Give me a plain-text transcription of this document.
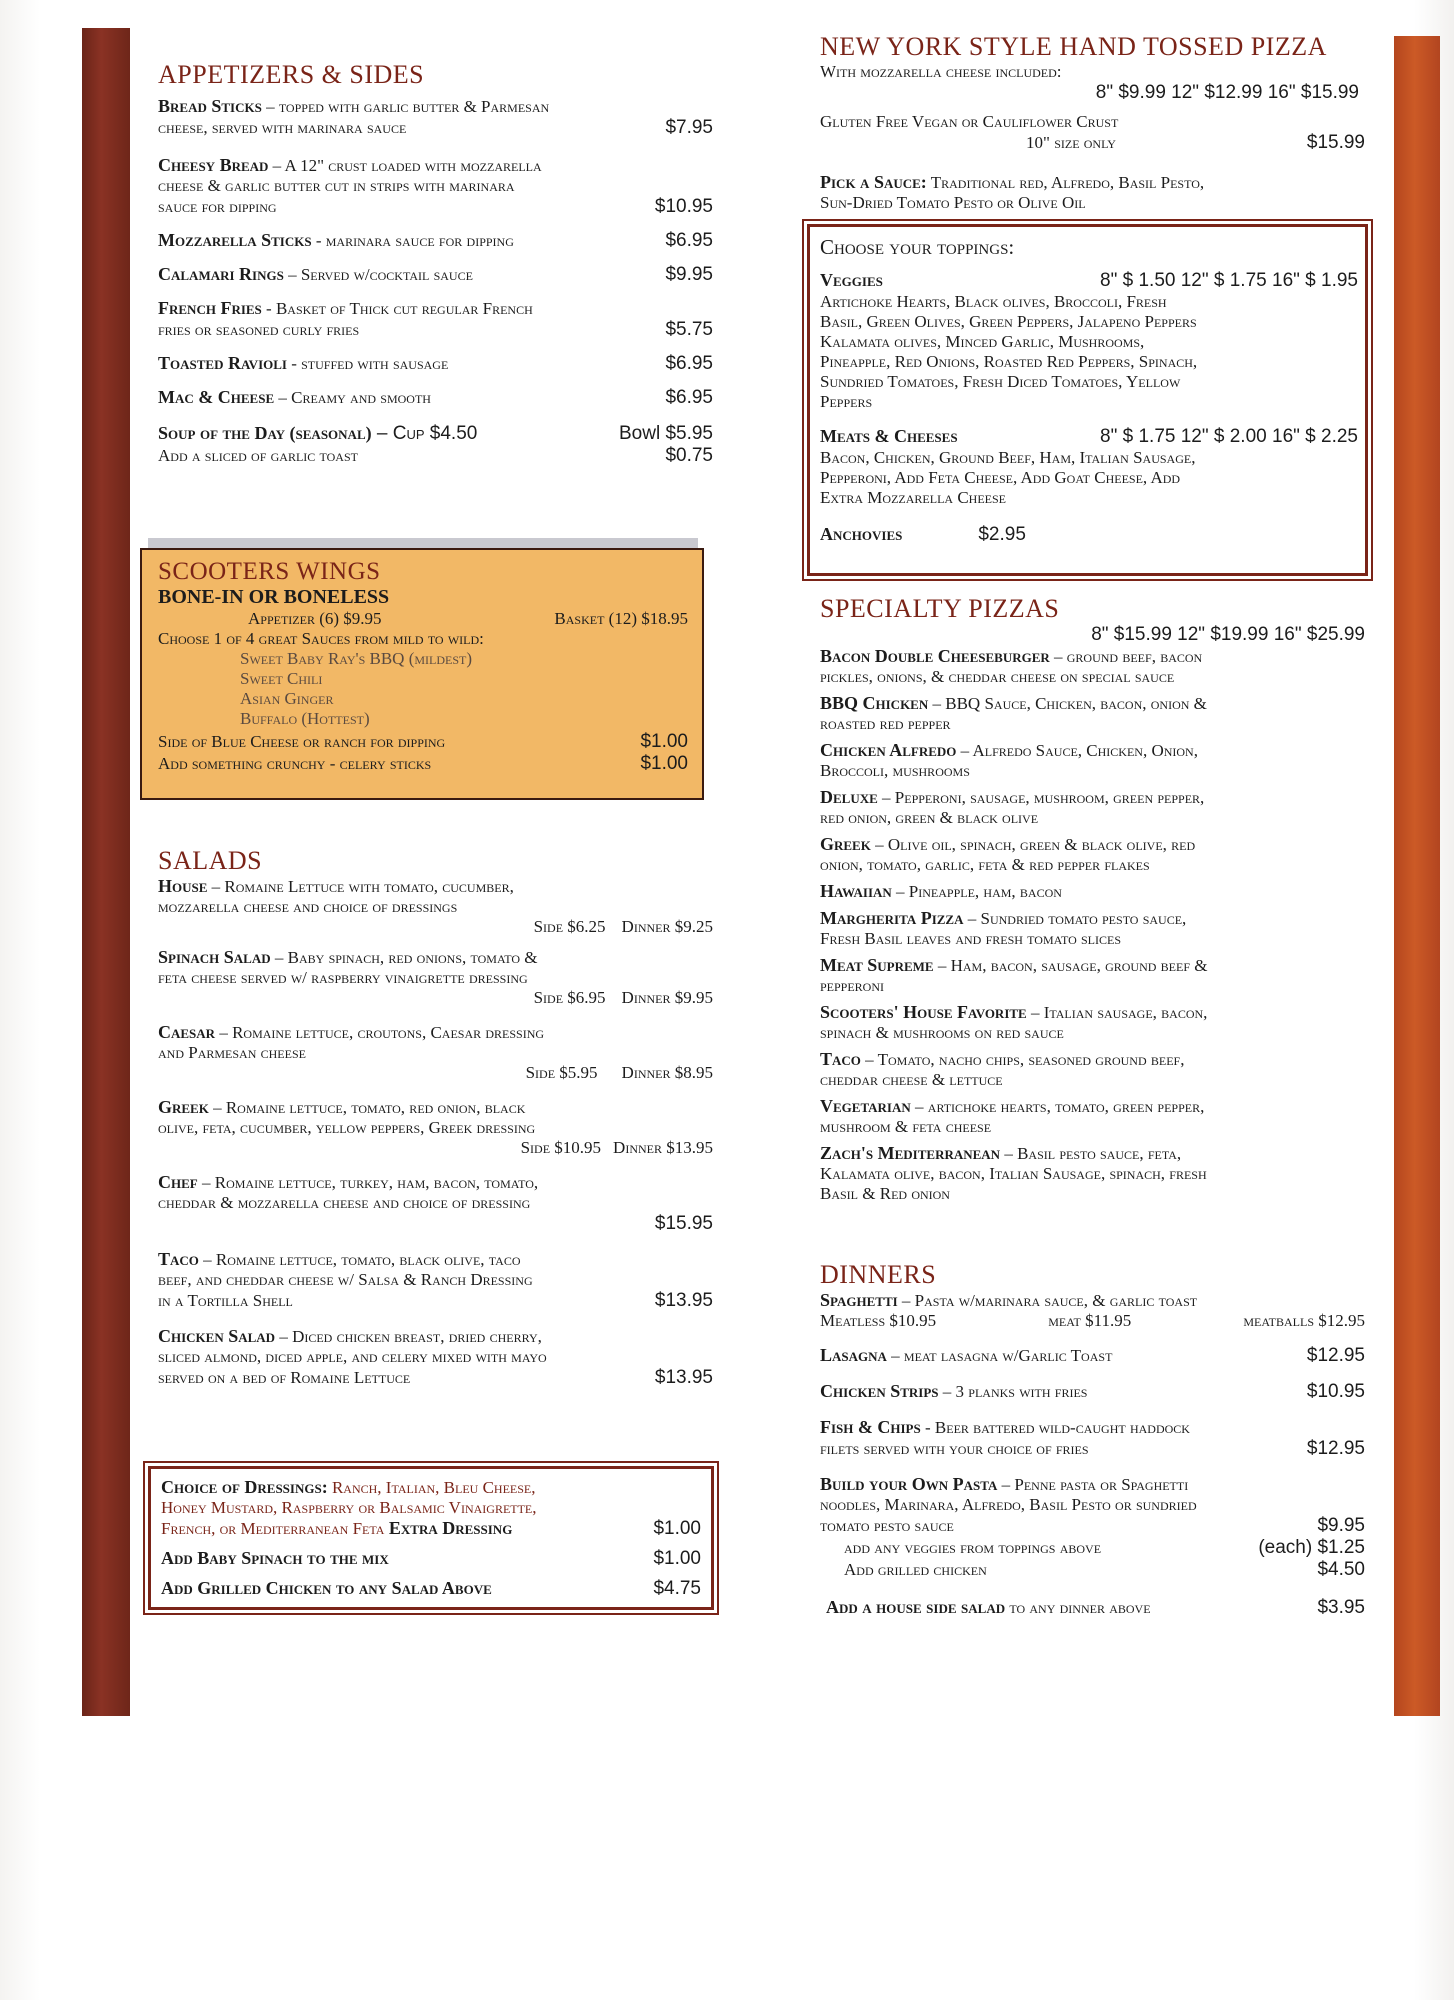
APPETIZERS & SIDES
Bread Sticks – topped with garlic butter & Parmesan
cheese, served with marinara sauce	$7.95
Cheesy Bread – A 12" crust loaded with mozzarella
cheese & garlic butter cut in strips with marinara
sauce for dipping	$10.95
Mozzarella Sticks - marinara sauce for dipping	$6.95
Calamari Rings – Served w/cocktail sauce	$9.95
French Fries - Basket of Thick cut regular French
fries or seasoned curly fries	$5.75
Toasted Ravioli - stuffed with sausage	$6.95
Mac & Cheese – Creamy and smooth	$6.95
Soup of the Day (seasonal) – Cup $4.50	Bowl $5.95
Add a sliced of garlic toast	$0.75
SCOOTERS WINGS
BONE-IN OR BONELESS
Appetizer (6) $9.95	Basket (12) $18.95
Choose 1 of 4 great Sauces from mild to wild:
Sweet Baby Ray's BBQ (mildest)
Sweet Chili
Asian Ginger
Buffalo (Hottest)
Side of Blue Cheese or ranch for dipping	$1.00
Add something crunchy - celery sticks	$1.00
SALADS
House – Romaine Lettuce with tomato, cucumber,
mozzarella cheese and choice of dressings
Side $6.25 Dinner $9.25
Spinach Salad – Baby spinach, red onions, tomato &
feta cheese served w/ raspberry vinaigrette dressing
Side $6.95 Dinner $9.95
Caesar – Romaine lettuce, croutons, Caesar dressing
and Parmesan cheese
Side $5.95 Dinner $8.95
Greek – Romaine lettuce, tomato, red onion, black
olive, feta, cucumber, yellow peppers, Greek dressing
Side $10.95 Dinner $13.95
Chef – Romaine lettuce, turkey, ham, bacon, tomato,
cheddar & mozzarella cheese and choice of dressing
$15.95
Taco – Romaine lettuce, tomato, black olive, taco
beef, and cheddar cheese w/ Salsa & Ranch Dressing
in a Tortilla Shell	$13.95
Chicken Salad – Diced chicken breast, dried cherry,
sliced almond, diced apple, and celery mixed with mayo
served on a bed of Romaine Lettuce	$13.95
Choice of Dressings: Ranch, Italian, Bleu Cheese,
Honey Mustard, Raspberry or Balsamic Vinaigrette,
French, or Mediterranean Feta Extra Dressing	$1.00
Add Baby Spinach to the mix	$1.00
Add Grilled Chicken to any Salad Above	$4.75
NEW YORK STYLE HAND TOSSED PIZZA
With mozzarella cheese included:
8" $9.99 12" $12.99 16" $15.99
Gluten Free Vegan or Cauliflower Crust
10" size only	$15.99
Pick a Sauce: Traditional red, Alfredo, Basil Pesto,
Sun-Dried Tomato Pesto or Olive Oil
Choose your toppings:
Veggies	8" $ 1.50 12" $ 1.75 16" $ 1.95
Artichoke Hearts, Black olives, Broccoli, Fresh
Basil, Green Olives, Green Peppers, Jalapeno Peppers
Kalamata olives, Minced Garlic, Mushrooms,
Pineapple, Red Onions, Roasted Red Peppers, Spinach,
Sundried Tomatoes, Fresh Diced Tomatoes, Yellow
Peppers
Meats & Cheeses	8" $ 1.75 12" $ 2.00 16" $ 2.25
Bacon, Chicken, Ground Beef, Ham, Italian Sausage,
Pepperoni, Add Feta Cheese, Add Goat Cheese, Add
Extra Mozzarella Cheese
Anchovies	$2.95
SPECIALTY PIZZAS
8" $15.99 12" $19.99 16" $25.99
Bacon Double Cheeseburger – ground beef, bacon
pickles, onions, & cheddar cheese on special sauce
BBQ Chicken – BBQ Sauce, Chicken, bacon, onion &
roasted red pepper
Chicken Alfredo – Alfredo Sauce, Chicken, Onion,
Broccoli, mushrooms
Deluxe – Pepperoni, sausage, mushroom, green pepper,
red onion, green & black olive
Greek – Olive oil, spinach, green & black olive, red
onion, tomato, garlic, feta & red pepper flakes
Hawaiian – Pineapple, ham, bacon
Margherita Pizza – Sundried tomato pesto sauce,
Fresh Basil leaves and fresh tomato slices
Meat Supreme – Ham, bacon, sausage, ground beef &
pepperoni
Scooters' House Favorite – Italian sausage, bacon,
spinach & mushrooms on red sauce
Taco – Tomato, nacho chips, seasoned ground beef,
cheddar cheese & lettuce
Vegetarian – artichoke hearts, tomato, green pepper,
mushroom & feta cheese
Zach's Mediterranean – Basil pesto sauce, feta,
Kalamata olive, bacon, Italian Sausage, spinach, fresh
Basil & Red onion
DINNERS
Spaghetti – Pasta w/marinara sauce, & garlic toast
Meatless $10.95	meat $11.95	meatballs $12.95
Lasagna – meat lasagna w/Garlic Toast	$12.95
Chicken Strips – 3 planks with fries	$10.95
Fish & Chips - Beer battered wild-caught haddock
filets served with your choice of fries	$12.95
Build your Own Pasta – Penne pasta or Spaghetti
noodles, Marinara, Alfredo, Basil Pesto or sundried
tomato pesto sauce	$9.95
add any veggies from toppings above	(each) $1.25
Add grilled chicken	$4.50
Add a house side salad to any dinner above	$3.95
